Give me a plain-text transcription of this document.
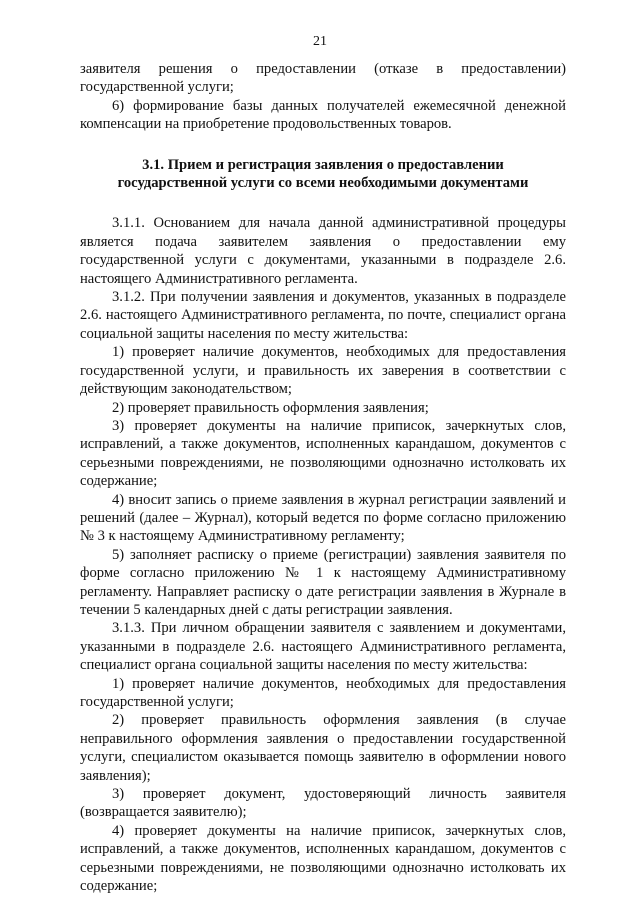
21

заявителя решения о предоставлении (отказе в предоставлении) государственной услуги;

6) формирование базы данных получателей ежемесячной денежной компенсации на приобретение продовольственных товаров.

3.1. Прием и регистрация заявления о предоставлении государственной услуги со всеми необходимыми документами

3.1.1. Основанием для начала данной административной процедуры является подача заявителем заявления о предоставлении ему государственной услуги с документами, указанными в подразделе 2.6. настоящего Административного регламента.

3.1.2. При получении заявления и документов, указанных в подразделе 2.6. настоящего Административного регламента, по почте, специалист органа социальной защиты населения по месту жительства:

1) проверяет наличие документов, необходимых для предоставления государственной услуги, и правильность их заверения в соответствии с действующим законодательством;

2) проверяет правильность оформления заявления;

3) проверяет документы на наличие приписок, зачеркнутых слов, исправлений, а также документов, исполненных карандашом, документов с серьезными повреждениями, не позволяющими однозначно истолковать их содержание;

4) вносит запись о приеме заявления в журнал регистрации заявлений и решений (далее – Журнал), который ведется по форме согласно приложению № 3 к настоящему Административному регламенту;

5) заполняет расписку о приеме (регистрации) заявления заявителя по форме согласно приложению № 1 к настоящему Административному регламенту. Направляет расписку о дате регистрации заявления в Журнале в течении 5 календарных дней с даты регистрации заявления.

3.1.3. При личном обращении заявителя с заявлением и документами, указанными в подразделе 2.6. настоящего Административного регламента, специалист органа социальной защиты населения по месту жительства:

1) проверяет наличие документов, необходимых для предоставления государственной услуги;

2) проверяет правильность оформления заявления (в случае неправильного оформления заявления о предоставлении государственной услуги, специалистом оказывается помощь заявителю в оформлении нового заявления);

3) проверяет документ, удостоверяющий личность заявителя (возвращается заявителю);

4) проверяет документы на наличие приписок, зачеркнутых слов, исправлений, а также документов, исполненных карандашом, документов с серьезными повреждениями, не позволяющими однозначно истолковать их содержание;
